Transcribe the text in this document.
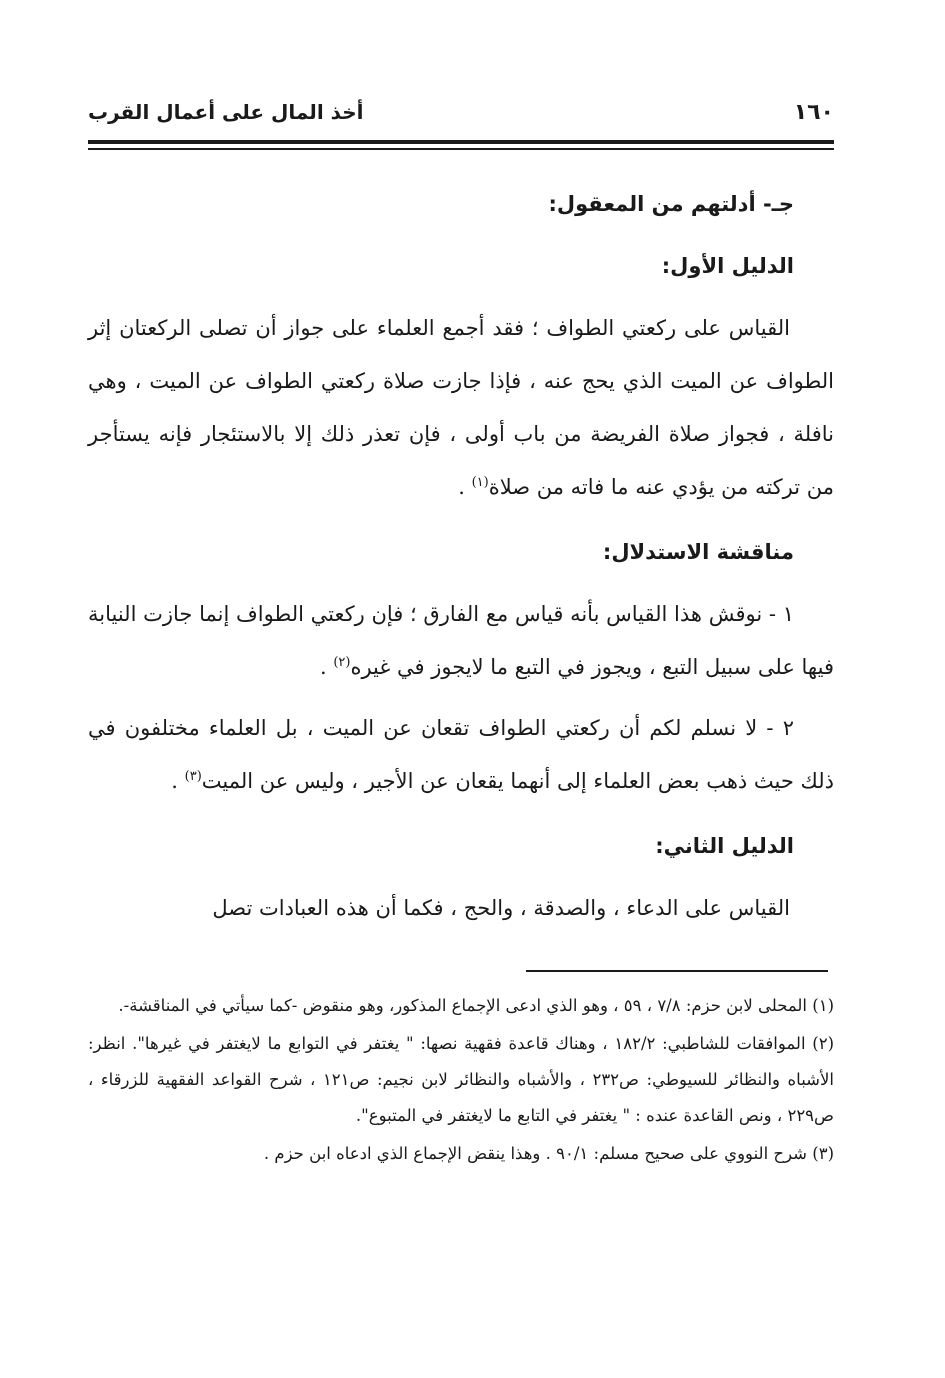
١٦٠
أخذ المال على أعمال القرب

جـ- أدلتهم من المعقول:

الدليل الأول:

القياس على ركعتي الطواف ؛ فقد أجمع العلماء على جواز أن تصلى الركعتان إثر الطواف عن الميت الذي يحج عنه ، فإذا جازت صلاة ركعتي الطواف عن الميت ، وهي نافلة ، فجواز صلاة الفريضة من باب أولى ، فإن تعذر ذلك إلا بالاستئجار فإنه يستأجر من تركته من يؤدي عنه ما فاته من صلاة$^{(١)}$ .

مناقشة الاستدلال:

١ - نوقش هذا القياس بأنه قياس مع الفارق ؛ فإن ركعتي الطواف إنما جازت النيابة فيها على سبيل التبع ، ويجوز في التبع ما لايجوز في غيره$^{(٢)}$ .

٢ - لا نسلم لكم أن ركعتي الطواف تقعان عن الميت ، بل العلماء مختلفون في ذلك حيث ذهب بعض العلماء إلى أنهما يقعان عن الأجير ، وليس عن الميت$^{(٣)}$ .

الدليل الثاني:

القياس على الدعاء ، والصدقة ، والحج ، فكما أن هذه العبادات تصل

(١) المحلى لابن حزم: ٧/٨ ، ٥٩ ، وهو الذي ادعى الإجماع المذكور، وهو منقوض -كما سيأتي في المناقشة-.

(٢) الموافقات للشاطبي: ١٨٢/٢ ، وهناك قاعدة فقهية نصها: " يغتفر في التوابع ما لايغتفر في غيرها". انظر: الأشباه والنظائر للسيوطي: ص٢٣٢ ، والأشباه والنظائر لابن نجيم: ص١٢١ ، شرح القواعد الفقهية للزرقاء ، ص٢٢٩ ، ونص القاعدة عنده : " يغتفر في التابع ما لايغتفر في المتبوع".

(٣) شرح النووي على صحيح مسلم: ٩٠/١ . وهذا ينقض الإجماع الذي ادعاه ابن حزم .
